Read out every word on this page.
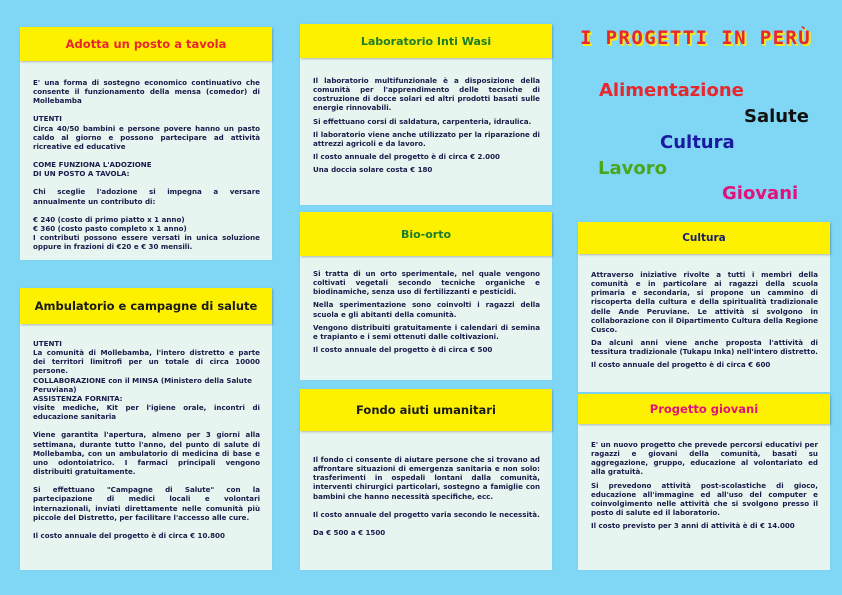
Adotta un posto a tavola

E' una forma di sostegno economico continuativo che consente il funzionamento della mensa (comedor) di Mollebamba

UTENTI

Circa 40/50 bambini e persone povere hanno un pasto caldo al giorno e possono partecipare ad attività ricreative ed educative

COME FUNZIONA L'ADOZIONE

DI UN POSTO A TAVOLA:

Chi sceglie l'adozione si impegna a versare annualmente un contributo di:

€ 240 (costo di primo piatto x 1 anno)

€ 360 (costo pasto completo x 1 anno)

I contributi possono essere versati in unica soluzione oppure in frazioni di €20 e € 30 mensili.

Ambulatorio e campagne di salute

UTENTI

La comunità di Mollebamba, l'intero distretto e parte dei territori limitrofi per un totale di circa 10000 persone.

COLLABORAZIONE con il MINSA (Ministero della Salute Peruviana)

ASSISTENZA FORNITA:

visite mediche, Kit per l'igiene orale, incontri di educazione sanitaria

Viene garantita l'apertura, almeno per 3 giorni alla settimana, durante tutto l'anno, del punto di salute di Mollebamba, con un ambulatorio di medicina di base e uno odontoiatrico. I farmaci principali vengono distribuiti gratuitamente.

Si effettuano "Campagne di Salute" con la partecipazione di medici locali e volontari internazionali, inviati direttamente nelle comunità più piccole del Distretto, per facilitare l'accesso alle cure.

Il costo annuale del progetto è di circa € 10.800

Laboratorio Inti Wasi

Il laboratorio multifunzionale è a disposizione della comunità per l'apprendimento delle tecniche di costruzione di docce solari ed altri prodotti basati sulle energie rinnovabili.

Si effettuano corsi di saldatura, carpenteria, idraulica.

Il laboratorio viene anche utilizzato per la riparazione di attrezzi agricoli e da lavoro.

Il costo annuale del progetto è di circa € 2.000

Una doccia solare costa € 180

Bio-orto

Si tratta di un orto sperimentale, nel quale vengono coltivati vegetali secondo tecniche organiche e biodinamiche, senza uso di fertilizzanti e pesticidi.

Nella sperimentazione sono coinvolti i ragazzi della scuola e gli abitanti della comunità.

Vengono distribuiti gratuitamente i calendari di semina e trapianto e i semi ottenuti dalle coltivazioni.

Il costo annuale del progetto è di circa € 500

Fondo aiuti umanitari

Il fondo ci consente di aiutare persone che si trovano ad affrontare situazioni di emergenza sanitaria e non solo: trasferimenti in ospedali lontani dalla comunità, interventi chirurgici particolari, sostegno a famiglie con bambini che hanno necessità specifiche, ecc.

Il costo annuale del progetto varia secondo le necessità.

Da € 500 a € 1500

I PROGETTI IN PERÙ
Alimentazione
Salute
Cultura
Lavoro
Giovani
Cultura

Attraverso iniziative rivolte a tutti i membri della comunità e in particolare ai ragazzi della scuola primaria e secondaria, si propone un cammino di riscoperta della cultura e della spiritualità tradizionale delle Ande Peruviane. Le attività si svolgono in collaborazione con il Dipartimento Cultura della Regione Cusco.

Da alcuni anni viene anche proposta l'attività di tessitura tradizionale (Tukapu Inka) nell'intero distretto.

Il costo annuale del progetto è di circa € 600

Progetto giovani

E' un nuovo progetto che prevede percorsi educativi per ragazzi e giovani della comunità, basati su aggregazione, gruppo, educazione al volontariato ed alla gratuità.

Si prevedono attività post-scolastiche di gioco, educazione all'immagine ed all'uso del computer e coinvolgimento nelle attività che si svolgono presso il posto di salute ed il laboratorio.

Il costo previsto per 3 anni di attività è di € 14.000
